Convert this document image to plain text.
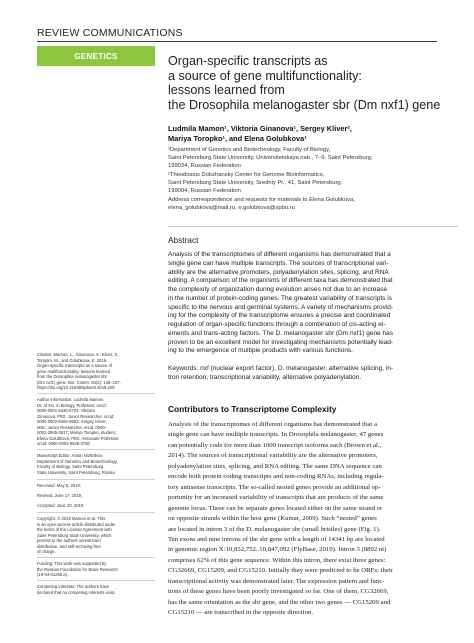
REVIEW COMMUNICATIONS
GENETICS	Organ-specific transcripts as
a source of gene multifunctionality:
lessons learned from
the Drosophila melanogaster sbr (Dm nxf1) gene
Ludmila Mamon¹, Viktoria Ginanova¹, Sergey Kliver²,
Mariya Toropko¹, and Elena Golubkova¹
¹Department of Genetics and Biotechnology, Faculty of Biology,
Saint Petersburg State University, Universitetskaya nab., 7–9, Saint Petersburg,
199034, Russian Federation
²Theodosius Dobzhansky Center for Genome Bioinformatics,
Saint Petersburg State University, Sredniy Pr., 41, Saint Petersburg,
199004, Russian Federation
Address correspondence and requests for materials to Elena Golubkova,
elena_golubkova@mail.ru, e.golubkova@spbu.ru
Abstract
Analysis of the transcriptomes of different organisms has demonstrated that a
single gene can have multiple transcripts. The sources of transcriptional vari-
ability are the alternative promoters, polyadenylation sites, splicing, and RNA
editing. A comparison of the organisms of different taxa has demonstrated that
the complexity of organization during evolution arises not due to an increase
in the number of protein-coding genes. The greatest variability of transcripts is
specific to the nervous and germinal systems. A variety of mechanisms provid-
ing for the complexity of the transcriptome ensures a precise and coordinated
regulation of organ-specific functions through a combination of cis-acting el-
ements and trans-acting factors. The D. melanogaster sbr (Dm nxf1) gene has
proven to be an excellent model for investigating mechanisms potentially lead-
ing to the emergence of multiple products with various functions.
Keywords: nxf (nuclear export factor), D. melanogaster, alternative splicing, in-
tron retention, transcriptional variability, alternative polyadenylation.
Contributors to Transcriptome Complexity
Analysis of the transcriptomes of different organisms has demonstrated that a
single gene can have multiple transcripts. In Drosophila melanogaster, 47 genes
can potentially code for more than 1000 transcript isoforms each (Brown et al.,
2014). The sources of transcriptional variability are the alternative promoters,
polyadenylation sites, splicing, and RNA editing. The same DNA sequence can
encode both protein coding transcripts and non-coding RNAs, including regula-
tory antisense transcripts. The so-called nested genes provide an additional op-
portunity for an increased variability of transcripts that are products of the same
genome locus. These can be separate genes located either on the same strand or
on opposite strands within the host gene (Kumar, 2009). Such “nested” genes
are located in intron 3 of the D. melanogaster sbr (small bristles) gene (Fig. 1).
Ten exons and nine introns of the sbr gene with a length of 14341 bp are located
in genomic region X:10,832,752..10,847,092 (FlyBase, 2019). Intron 3 (8892 nt)
comprises 62% of this gene sequence. Within this intron, there exist three genes:
CG32669, CG15209, and CG15210. Initially they were predicted to be ORFs; their
transcriptional activity was demonstrated later. The expression pattern and func-
tions of these genes have been poorly investigated so far. One of them, CG32669,
has the same orientation as the sbr gene, and the other two genes — CG15209 and
CG15210 — are transcribed in the opposite direction.
Citation: Mamon, L., Ginanova, V., Kliver, S.,
Toropko, M., and Golubkova, E. 2019.
Organ-specific transcripts as a source of
gene multifunctionality: lessons learned
from the Drosophila melanogaster sbr
(Dm nxf1) gene. Bio. Comm. 64(2): 146–157.
https://doi.org/10.21638/spbu03.2019.206
Author information: Ludmila Mamon,
Dr. of Sci. in Biology, Professor, orcid:
0000-0001-5330-0703; Viktoria
Ginanova, PhD, Junior Researcher, orcid:
0000-0002-8464-9893; Sergey Kliver,
MSc, Junior Researcher, orcid: 0000-
0002-2965-3617; Mariya Toropko, student;
Elena Golubkova, PhD, Associate Professor,
orcid: 0000-0002-9528-3750
Manuscript Editor: Anton Nizhnikov,
Department of Genetics and Biotechnology,
Faculty of Biology, Saint Petersburg
State University, Saint Petersburg, Russia
Received: May 6, 2019;
Revised: June 17, 2019;
Accepted: June 20, 2019.
Copyright: © 2019 Mamon et al. This
is an open-access article distributed under
the terms of the License Agreement with
Saint Petersburg State University, which
permits to the authors unrestricted
distribution, and self-archiving free
of charge.
Funding: This work was supported by
the Russian Foundation for Basic Research
(19-04-01255 a).
Competing interests: The authors have
declared that no competing interests exist.
